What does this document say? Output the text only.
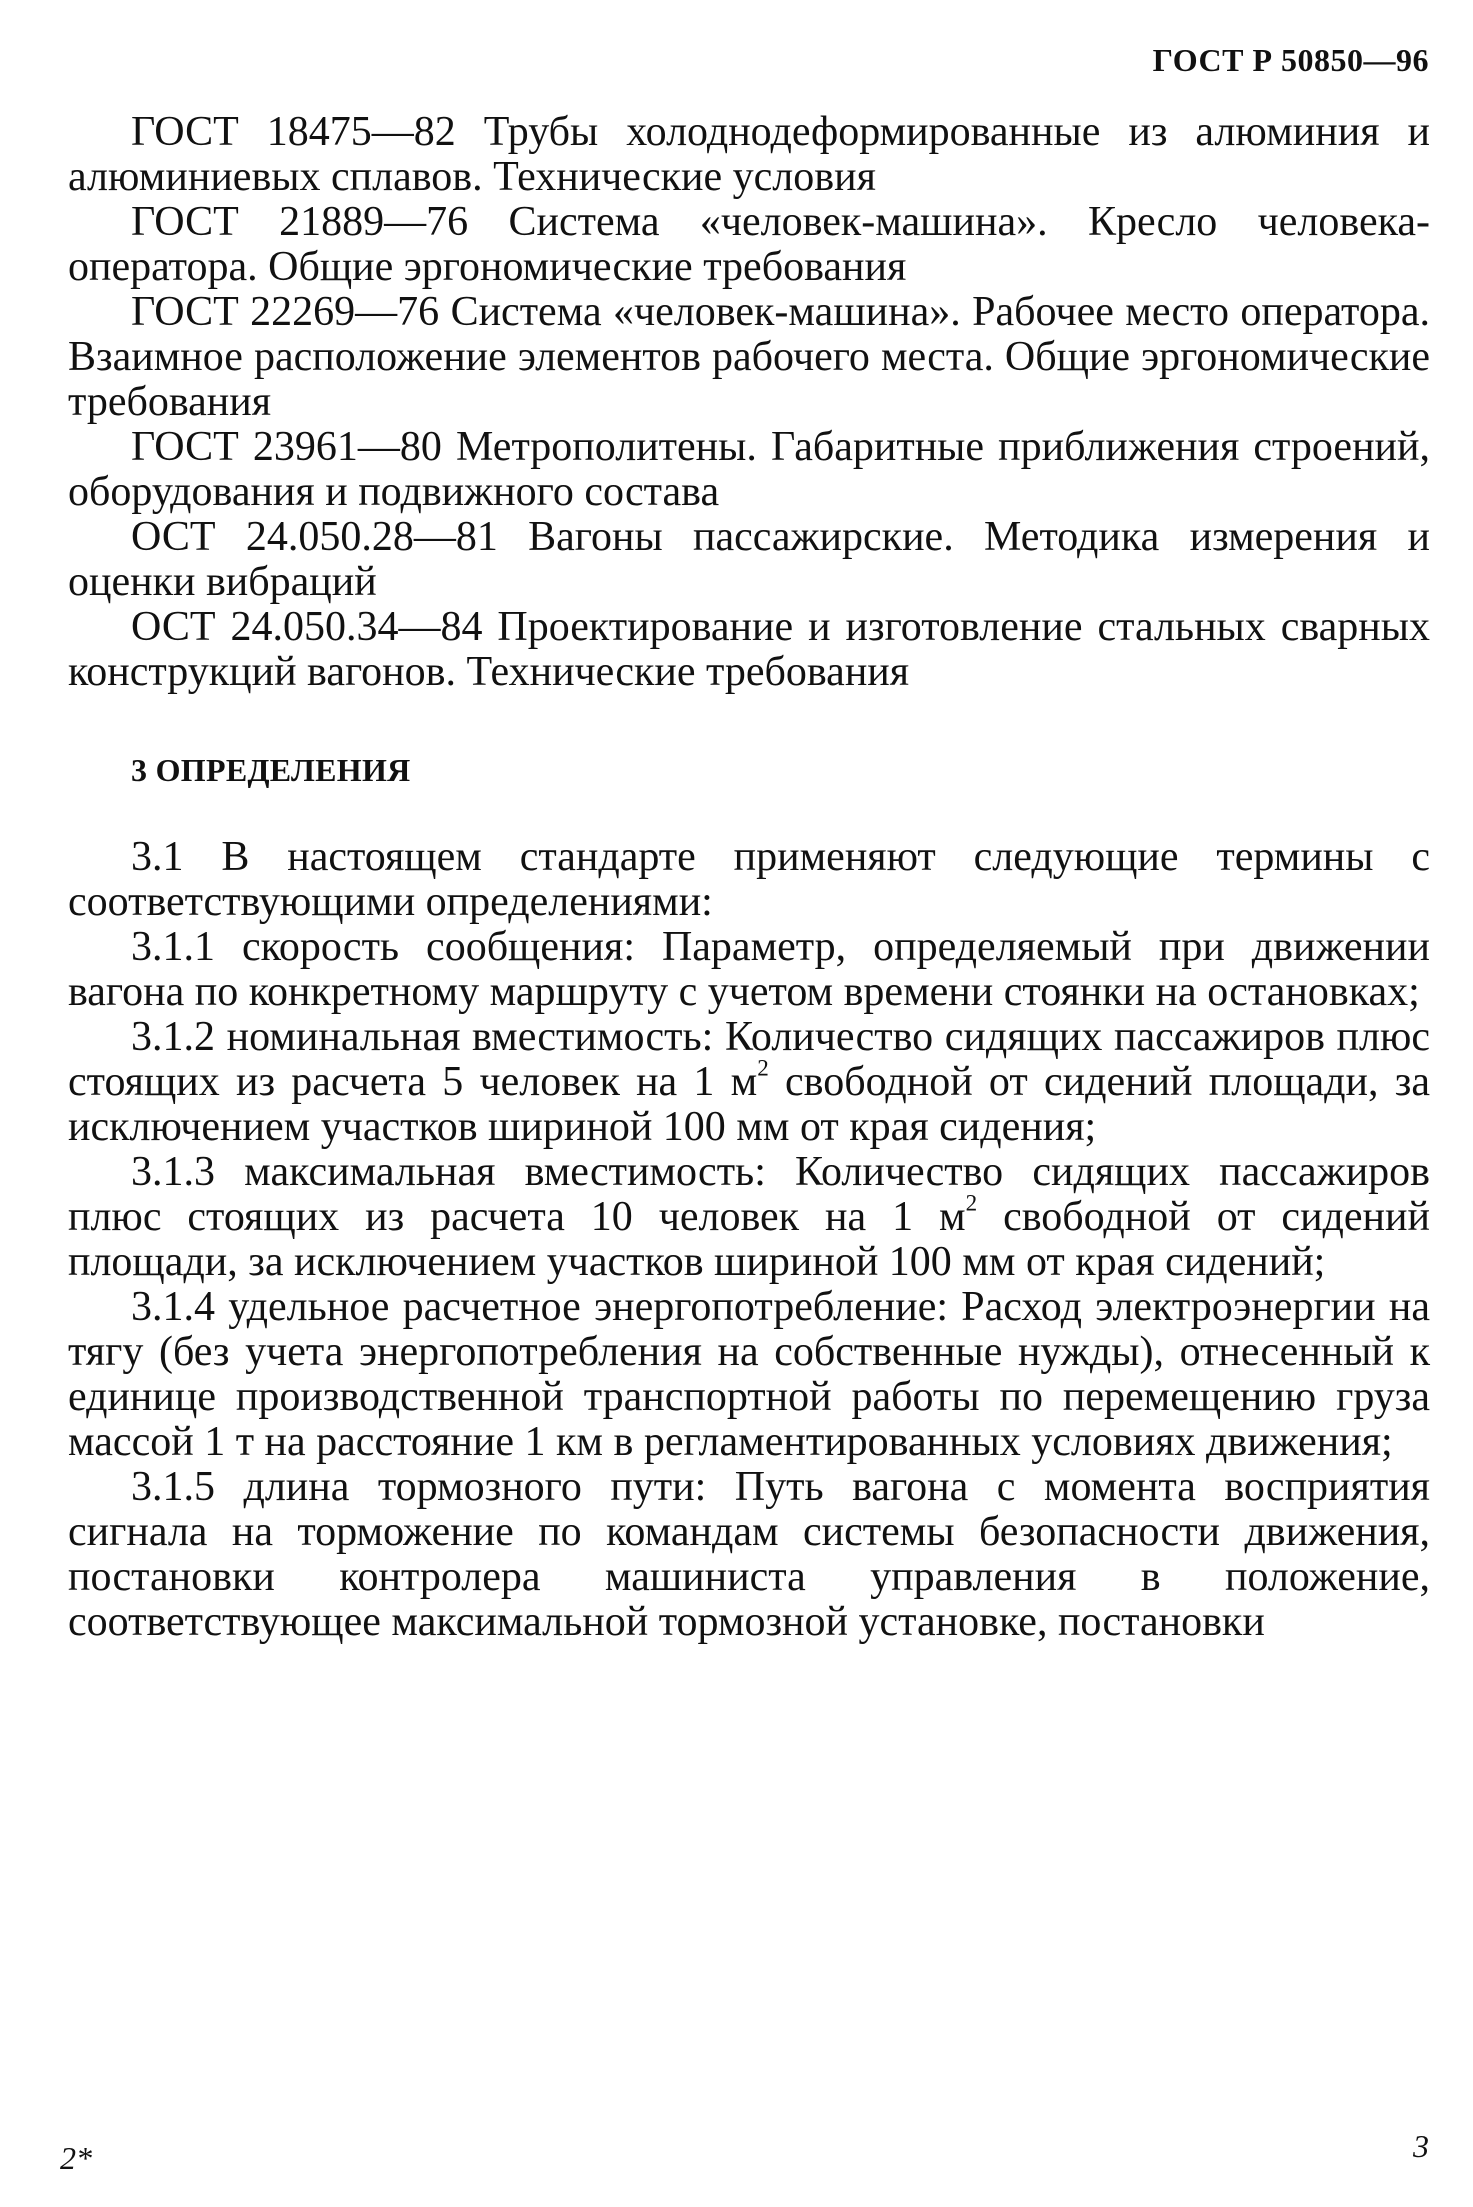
ГОСТ Р 50850—96

ГОСТ 18475—82 Трубы холоднодеформированные из алюминия и алюминиевых сплавов. Технические условия

ГОСТ 21889—76 Система «человек-машина». Кресло человека-оператора. Общие эргономические требования

ГОСТ 22269—76 Система «человек-машина». Рабочее место оператора. Взаимное расположение элементов рабочего места. Общие эргономические требования

ГОСТ 23961—80 Метрополитены. Габаритные приближения строений, оборудования и подвижного состава

ОСТ 24.050.28—81 Вагоны пассажирские. Методика измерения и оценки вибраций

ОСТ 24.050.34—84 Проектирование и изготовление стальных сварных конструкций вагонов. Технические требования

3 ОПРЕДЕЛЕНИЯ

3.1 В настоящем стандарте применяют следующие термины с соответствующими определениями:

3.1.1 скорость сообщения: Параметр, определяемый при движении вагона по конкретному маршруту с учетом времени стоянки на остановках;

3.1.2 номинальная вместимость: Количество сидящих пассажиров плюс стоящих из расчета 5 человек на 1 $м^2$ свободной от сидений площади, за исключением участков шириной 100 мм от края сидения;

3.1.3 максимальная вместимость: Количество сидящих пассажиров плюс стоящих из расчета 10 человек на 1 $м^2$ свободной от сидений площади, за исключением участков шириной 100 мм от края сидений;

3.1.4 удельное расчетное энергопотребление: Расход электроэнергии на тягу (без учета энергопотребления на собственные нужды), отнесенный к единице производственной транспортной работы по перемещению груза массой 1 т на расстояние 1 км в регламентированных условиях движения;

3.1.5 длина тормозного пути: Путь вагона с момента восприятия сигнала на торможение по командам системы безопасности движения, постановки контролера машиниста управления в положение, соответствующее максимальной тормозной установке, постановки

2*	3
